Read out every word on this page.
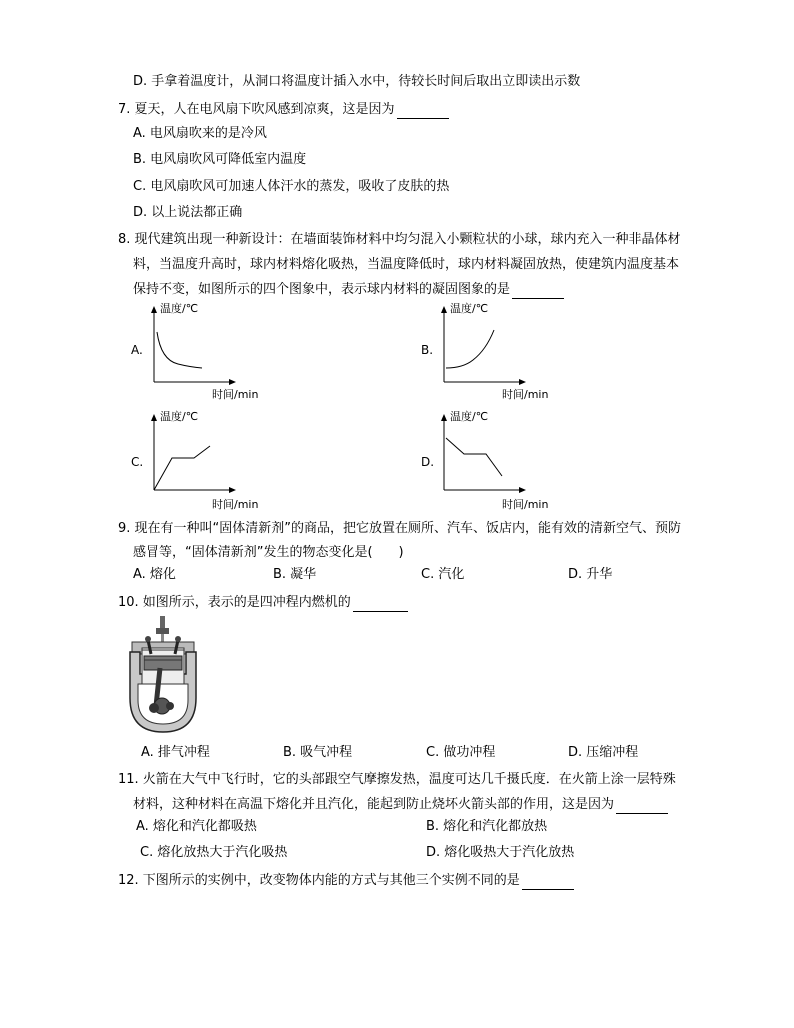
D. 手拿着温度计，从洞口将温度计插入水中，待较长时间后取出立即读出示数
7. 夏天，人在电风扇下吹风感到凉爽，这是因为
A. 电风扇吹来的是冷风
B. 电风扇吹风可降低室内温度
C. 电风扇吹风可加速人体汗水的蒸发，吸收了皮肤的热
D. 以上说法都正确
8. 现代建筑出现一种新设计：在墙面装饰材料中均匀混入小颗粒状的小球，球内充入一种非晶体材
料，当温度升高时，球内材料熔化吸热，当温度降低时，球内材料凝固放热，使建筑内温度基本
保持不变，如图所示的四个图象中，表示球内材料的凝固图象的是
温度/℃
A.
时间/min
温度/℃
B.
时间/min
温度/℃
C.
时间/min
温度/℃
D.
时间/min
9. 现在有一种叫“固体清新剂”的商品，把它放置在厕所、汽车、饭店内，能有效的清新空气、预防
感冒等，“固体清新剂”发生的物态变化是(　　)
A. 熔化	B. 凝华	C. 汽化	D. 升华
10. 如图所示，表示的是四冲程内燃机的
A. 排气冲程	B. 吸气冲程	C. 做功冲程	D. 压缩冲程
11. 火箭在大气中飞行时，它的头部跟空气摩擦发热，温度可达几千摄氏度．在火箭上涂一层特殊
材料，这种材料在高温下熔化并且汽化，能起到防止烧坏火箭头部的作用，这是因为
A. 熔化和汽化都吸热	B. 熔化和汽化都放热
C. 熔化放热大于汽化吸热	D. 熔化吸热大于汽化放热
12. 下图所示的实例中，改变物体内能的方式与其他三个实例不同的是
